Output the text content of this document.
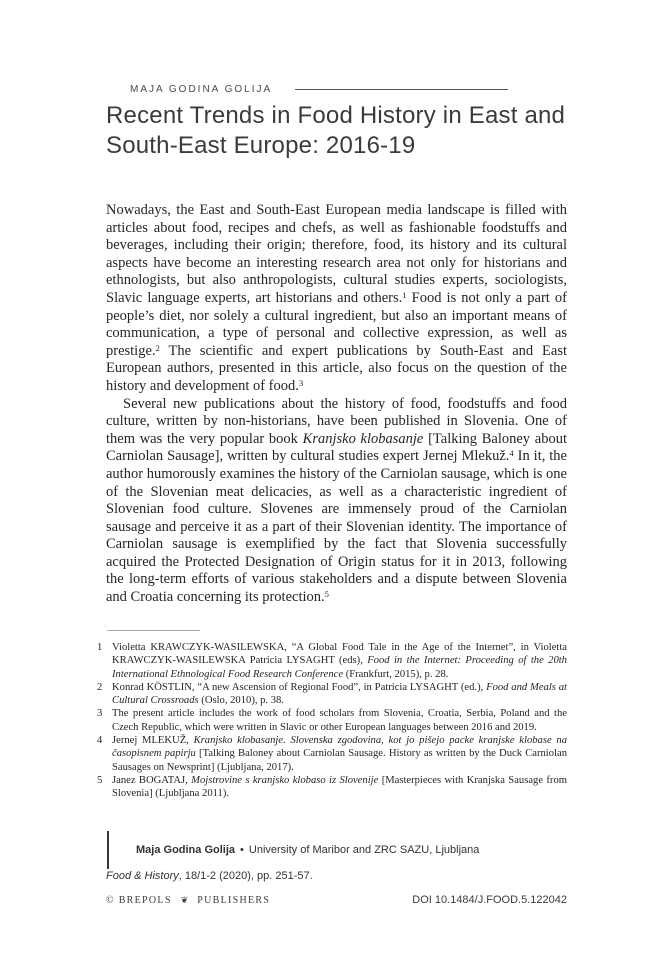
MAJA GODINA GOLIJA
Recent Trends in Food History in East and
South-East Europe: 2016-19

Nowadays, the East and South-East European media landscape is filled with articles about food, recipes and chefs, as well as fashionable foodstuffs and beverages, including their origin; therefore, food, its history and its cultural aspects have become an interesting research area not only for historians and ethnologists, but also anthropologists, cultural studies experts, sociologists, Slavic language experts, art historians and others.$^1$ Food is not only a part of people’s diet, nor solely a cultural ingredient, but also an important means of communication, a type of personal and collective expression, as well as prestige.$^2$ The scientific and expert publications by South-East and East European authors, presented in this article, also focus on the question of the history and development of food.$^3$

Several new publications about the history of food, foodstuffs and food culture, written by non-historians, have been published in Slovenia. One of them was the very popular book Kranjsko klobasanje [Talking Baloney about Carniolan Sausage], written by cultural studies expert Jernej Mlekuž.$^4$ In it, the author humorously examines the history of the Carniolan sausage, which is one of the Slovenian meat delicacies, as well as a characteristic ingredient of Slovenian food culture. Slovenes are immensely proud of the Carniolan sausage and perceive it as a part of their Slovenian identity. The importance of Carniolan sausage is exemplified by the fact that Slovenia successfully acquired the Protected Designation of Origin status for it in 2013, following the long-term efforts of various stakeholders and a dispute between Slovenia and Croatia concerning its protection.$^5$

1 Violetta KRAWCZYK-WASILEWSKA, “A Global Food Tale in the Age of the Internet”, in Violetta KRAWCZYK-WASILEWSKA Patricia LYSAGHT (eds), Food in the Internet: Proceeding of the 20th International Ethnological Food Research Conference (Frankfurt, 2015), p. 28.
2 Konrad KÖSTLIN, “A new Ascension of Regional Food”, in Patricia LYSAGHT (ed.), Food and Meals at Cultural Crossroads (Oslo, 2010), p. 38.
3 The present article includes the work of food scholars from Slovenia, Croatia, Serbia, Poland and the Czech Republic, which were written in Slavic or other European languages between 2016 and 2019.
4 Jernej MLEKUŽ, Kranjsko klobasanje. Slovenska zgodovina, kot jo pišejo packe kranjske klobase na časopisnem papirju [Talking Baloney about Carniolan Sausage. History as written by the Duck Carniolan Sausages on Newsprint] (Ljubljana, 2017).
5 Janez BOGATAJ, Mojstrovine s kranjsko klobaso iz Slovenije [Masterpieces with Kranjska Sausage from Slovenia] (Ljubljana 2011).
Maja Godina Golija • University of Maribor and ZRC SAZU, Ljubljana
Food & History, 18/1-2 (2020), pp. 251-57.
© BREPOLS ❦ PUBLISHERS	DOI 10.1484/J.FOOD.5.122042
